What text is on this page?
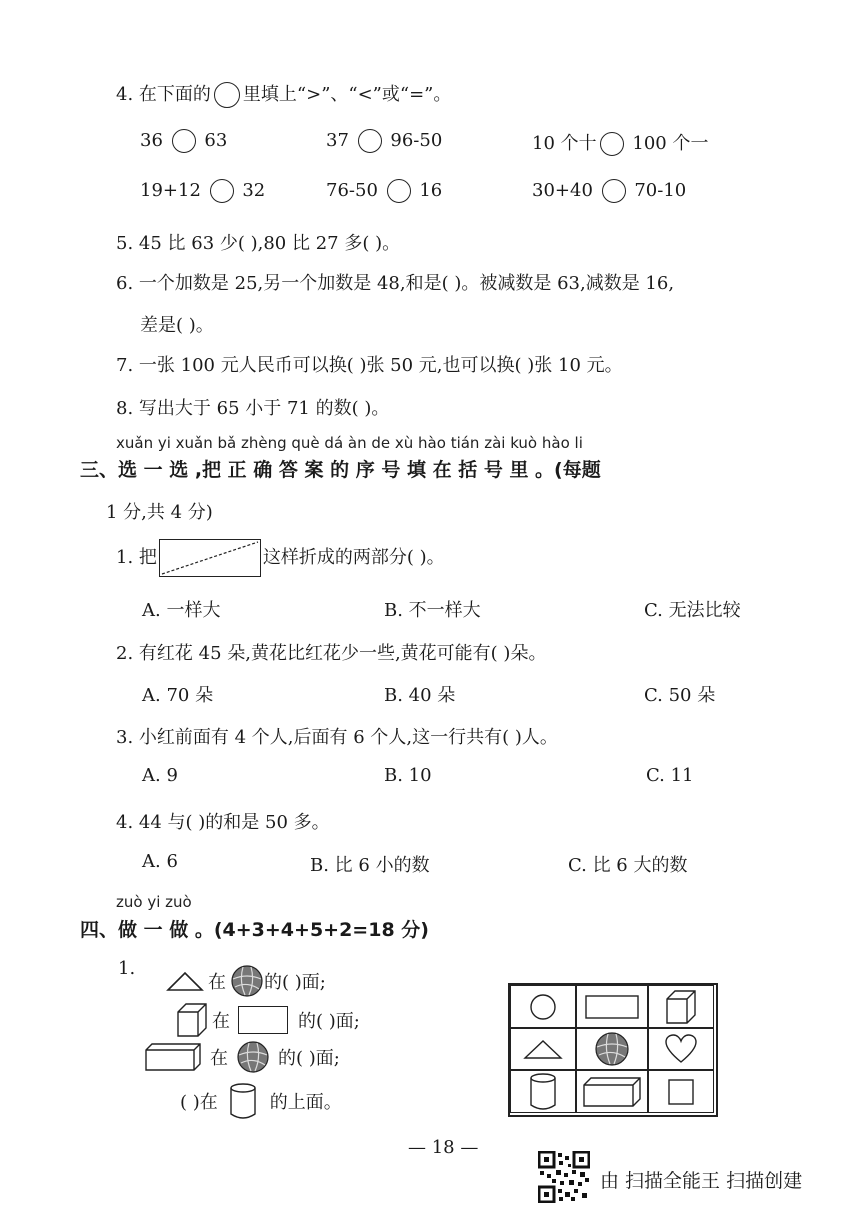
4. 在下面的 里填上“>”、“<”或“=”。
36 63	37 96-50	10 个十 100 个一
19+12 32	76-50 16	30+40 70-10
5. 45 比 63 少( ),80 比 27 多( )。
6. 一个加数是 25,另一个加数是 48,和是( )。被减数是 63,减数是 16,
差是( )。
7. 一张 100 元人民币可以换( )张 50 元,也可以换( )张 10 元。
8. 写出大于 65 小于 71 的数( )。
xuǎn yi xuǎn bǎ zhèng què dá àn de xù hào tián zài kuò hào li
三、选 一 选 ,把 正 确 答 案 的 序 号 填 在 括 号 里 。(每题
1 分,共 4 分)
1. 把	这样折成的两部分( )。
A. 一样大	B. 不一样大	C. 无法比较
2. 有红花 45 朵,黄花比红花少一些,黄花可能有( )朵。
A. 70 朵	B. 40 朵	C. 50 朵
3. 小红前面有 4 个人,后面有 6 个人,这一行共有( )人。
A. 9	B. 10	C. 11
4. 44 与( )的和是 50 多。
A. 6	B. 比 6 小的数	C. 比 6 大的数
zuò yi zuò
四、做 一 做 。(4+3+4+5+2=18 分)
1.
在 的( )面;
在	的( )面;
在	的( )面;
( )在	的上面。
— 18 —
由 扫描全能王 扫描创建
